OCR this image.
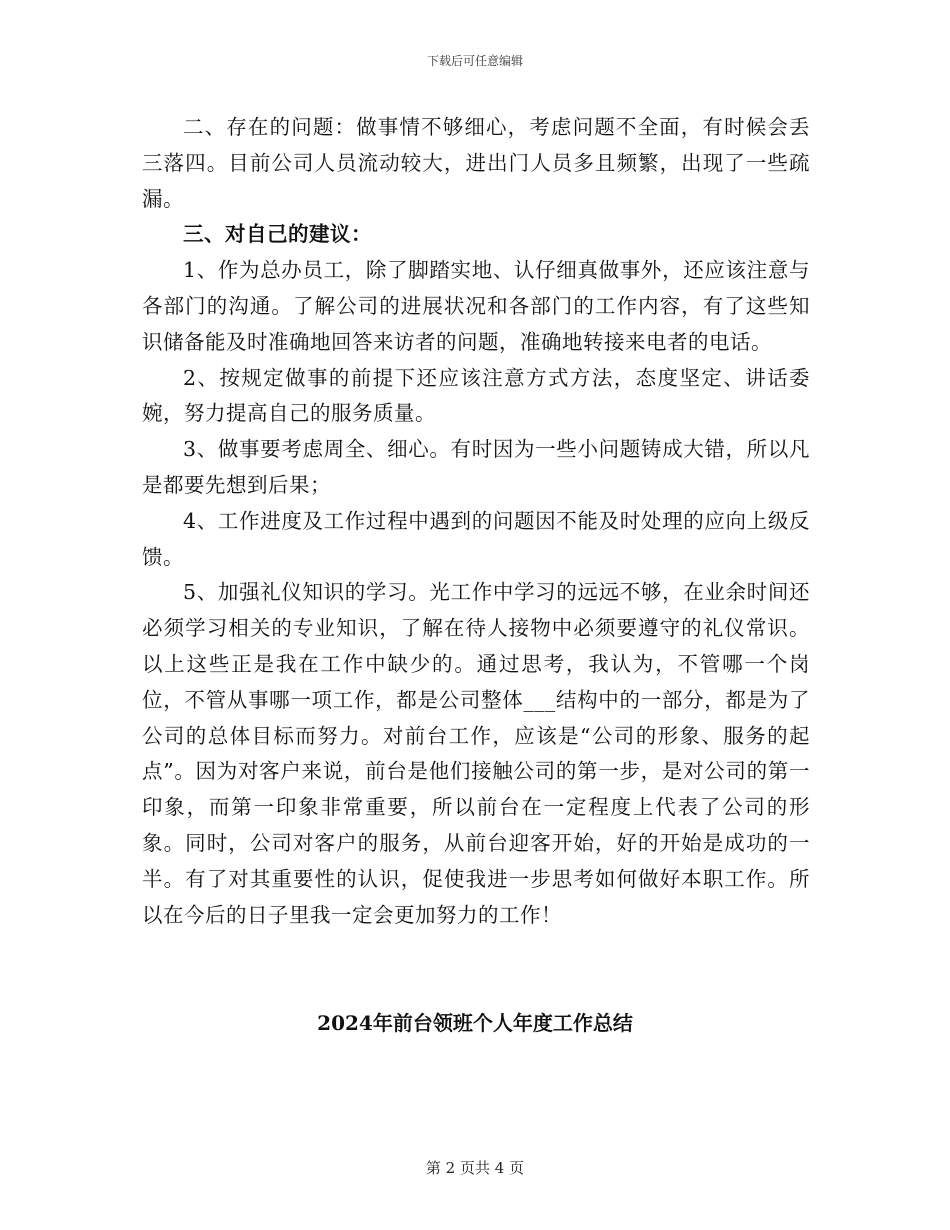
下载后可任意编辑

二、存在的问题：做事情不够细心，考虑问题不全面，有时候会丢三落四。目前公司人员流动较大，进出门人员多且频繁，出现了一些疏漏。

三、对自己的建议：

1、作为总办员工，除了脚踏实地、认仔细真做事外，还应该注意与各部门的沟通。了解公司的进展状况和各部门的工作内容，有了这些知识储备能及时准确地回答来访者的问题，准确地转接来电者的电话。

2、按规定做事的前提下还应该注意方式方法，态度坚定、讲话委婉，努力提高自己的服务质量。

3、做事要考虑周全、细心。有时因为一些小问题铸成大错，所以凡是都要先想到后果；

4、工作进度及工作过程中遇到的问题因不能及时处理的应向上级反馈。

5、加强礼仪知识的学习。光工作中学习的远远不够，在业余时间还必须学习相关的专业知识，了解在待人接物中必须要遵守的礼仪常识。以上这些正是我在工作中缺少的。通过思考，我认为，不管哪一个岗位，不管从事哪一项工作，都是公司整体___结构中的一部分，都是为了公司的总体目标而努力。对前台工作，应该是“公司的形象、服务的起点”。因为对客户来说，前台是他们接触公司的第一步，是对公司的第一印象，而第一印象非常重要，所以前台在一定程度上代表了公司的形象。同时，公司对客户的服务，从前台迎客开始，好的开始是成功的一半。有了对其重要性的认识，促使我进一步思考如何做好本职工作。所以在今后的日子里我一定会更加努力的工作！

2024年前台领班个人年度工作总结
第 2 页共 4 页
